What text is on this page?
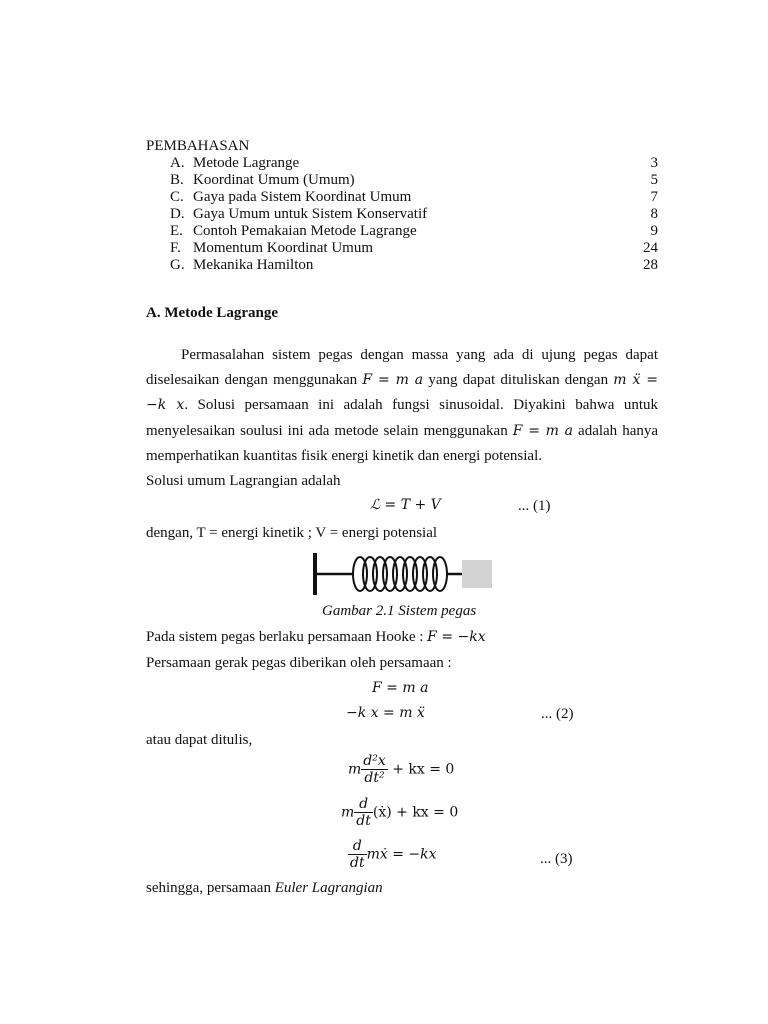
PEMBAHASAN
A. Metode Lagrange	3
B. Koordinat Umum (Umum)	5
C. Gaya pada Sistem Koordinat Umum	7
D. Gaya Umum untuk Sistem Konservatif	8
E. Contoh Pemakaian Metode Lagrange	9
F. Momentum Koordinat Umum	24
G. Mekanika Hamilton	28
A. Metode Lagrange
Permasalahan sistem pegas dengan massa yang ada di ujung pegas dapat
diselesaikan dengan menggunakan F = m a yang dapat dituliskan dengan m ẍ =
−k x. Solusi persamaan ini adalah fungsi sinusoidal. Diyakini bahwa untuk
menyelesaikan soulusi ini ada metode selain menggunakan F = m a adalah hanya
memperhatikan kuantitas fisik energi kinetik dan energi potensial.
Solusi umum Lagrangian adalah
ℒ = T + V	... (1)
dengan, T = energi kinetik ; V = energi potensial
Gambar 2.1 Sistem pegas
Pada sistem pegas berlaku persamaan Hooke : F = −kx
Persamaan gerak pegas diberikan oleh persamaan :
F = m a
−k x = m ẍ	... (2)
atau dapat ditulis,
m $\frac{\text{d²x}}{\text{dt²}}$ + kx = 0
m $\frac{d}{dt}$ (ẋ) + kx = 0
$\frac{d}{dt}$ mẋ = −kx	... (3)
sehingga, persamaan Euler Lagrangian
